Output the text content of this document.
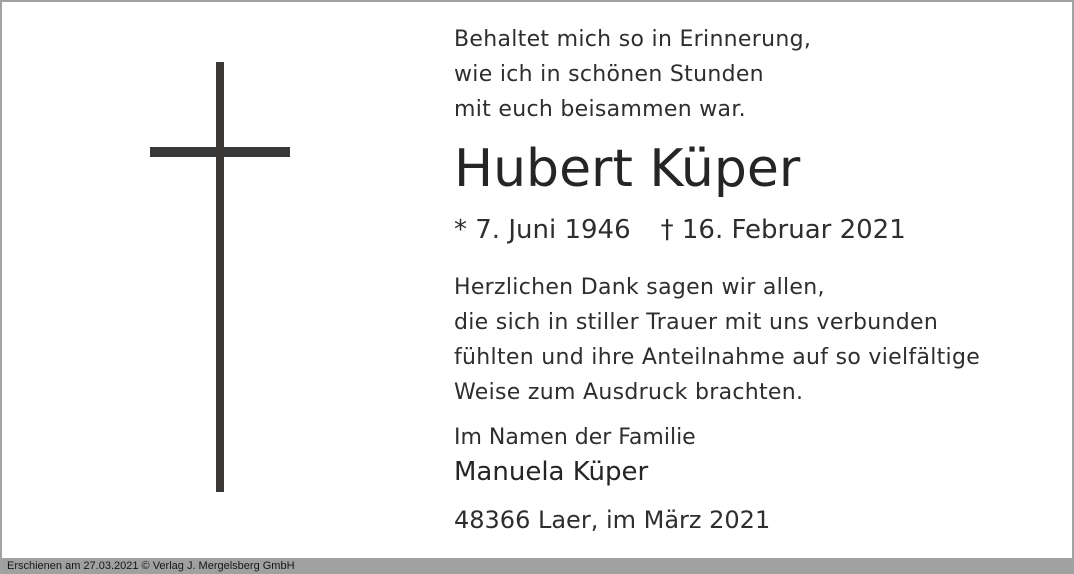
Behaltet mich so in Erinnerung,
wie ich in schönen Stunden
mit euch beisammen war.
Hubert Küper
* 7. Juni 1946 † 16. Februar 2021
Herzlichen Dank sagen wir allen,
die sich in stiller Trauer mit uns verbunden
fühlten und ihre Anteilnahme auf so vielfältige
Weise zum Ausdruck brachten.
Im Namen der Familie
Manuela Küper
48366 Laer, im März 2021
Erschienen am 27.03.2021 © Verlag J. Mergelsberg GmbH
